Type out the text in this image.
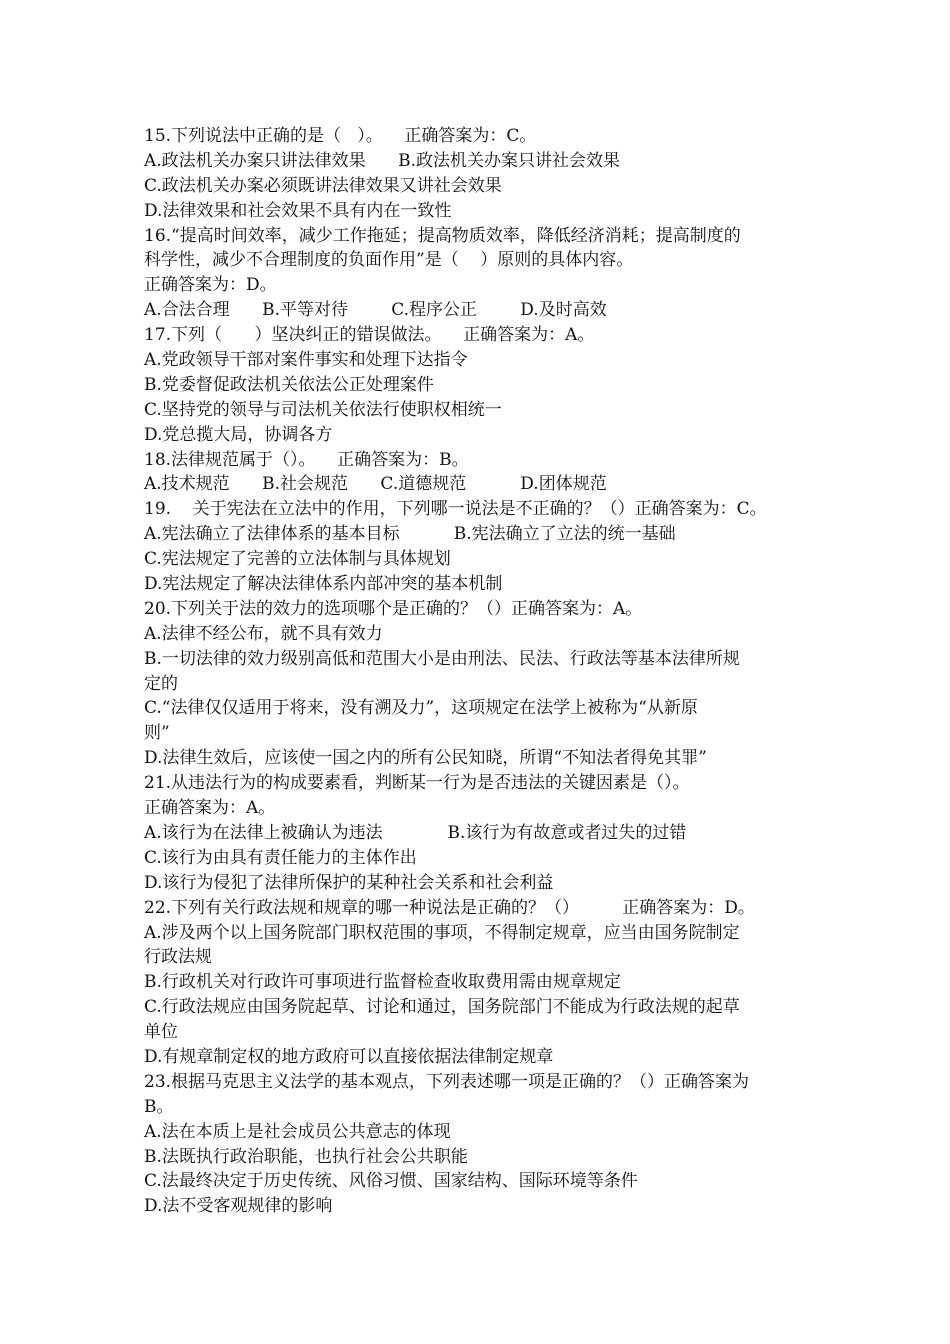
15.下列说法中正确的是（   ）。    正确答案为：C。
A.政法机关办案只讲法律效果      B.政法机关办案只讲社会效果
C.政法机关办案必须既讲法律效果又讲社会效果
D.法律效果和社会效果不具有内在一致性
16.“提高时间效率，减少工作拖延；提高物质效率，降低经济消耗；提高制度的
科学性，减少不合理制度的负面作用”是（    ）原则的具体内容。
正确答案为：D。
A.合法合理      B.平等对待        C.程序公正        D.及时高效
17.下列（      ）坚决纠正的错误做法。    正确答案为：A。
A.党政领导干部对案件事实和处理下达指令
B.党委督促政法机关依法公正处理案件
C.坚持党的领导与司法机关依法行使职权相统一
D.党总揽大局，协调各方
18.法律规范属于（）。    正确答案为：B。
A.技术规范      B.社会规范      C.道德规范          D.团体规范
19.    关于宪法在立法中的作用，下列哪一说法是不正确的？（）正确答案为：C。
A.宪法确立了法律体系的基本目标          B.宪法确立了立法的统一基础
C.宪法规定了完善的立法体制与具体规划
D.宪法规定了解决法律体系内部冲突的基本机制
20.下列关于法的效力的选项哪个是正确的？（）正确答案为：A。
A.法律不经公布，就不具有效力
B.一切法律的效力级别高低和范围大小是由刑法、民法、行政法等基本法律所规
定的
C.“法律仅仅适用于将来，没有溯及力”，这项规定在法学上被称为“从新原
则”
D.法律生效后，应该使一国之内的所有公民知晓，所谓“不知法者得免其罪”
21.从违法行为的构成要素看，判断某一行为是否违法的关键因素是（）。
正确答案为：A。
A.该行为在法律上被确认为违法            B.该行为有故意或者过失的过错
C.该行为由具有责任能力的主体作出
D.该行为侵犯了法律所保护的某种社会关系和社会利益
22.下列有关行政法规和规章的哪一种说法是正确的？（）        正确答案为：D。
A.涉及两个以上国务院部门职权范围的事项，不得制定规章，应当由国务院制定
行政法规
B.行政机关对行政许可事项进行监督检查收取费用需由规章规定
C.行政法规应由国务院起草、讨论和通过，国务院部门不能成为行政法规的起草
单位
D.有规章制定权的地方政府可以直接依据法律制定规章
23.根据马克思主义法学的基本观点，下列表述哪一项是正确的？（）正确答案为
B。
A.法在本质上是社会成员公共意志的体现
B.法既执行政治职能，也执行社会公共职能
C.法最终决定于历史传统、风俗习惯、国家结构、国际环境等条件
D.法不受客观规律的影响
